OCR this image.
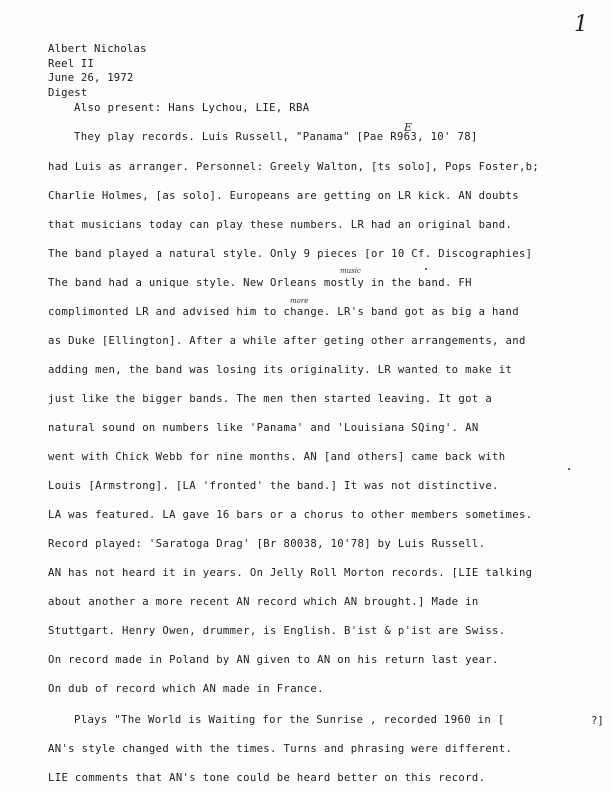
1
Albert Nicholas
Reel II
June 26, 1972
Digest
E
music
more
Also present: Hans Lychou, LIE, RBA
They play records. Luis Russell, "Panama" [Pae R963, 10' 78]
had Luis as arranger. Personnel: Greely Walton, [ts solo], Pops Foster,b;
Charlie Holmes, [as solo]. Europeans are getting on LR kick. AN doubts
that musicians today can play these numbers. LR had an original band.
The band played a natural style. Only 9 pieces [or 10 Cf. Discographies]
The band had a unique style. New Orleans mostly in the band. FH
complimonted LR and advised him to change. LR's band got as big a hand
as Duke [Ellington]. After a while after geting other arrangements, and
adding men, the band was losing its originality. LR wanted to make it
just like the bigger bands. The men then started leaving. It got a
natural sound on numbers like 'Panama' and 'Louisiana SQing'. AN
went with Chick Webb for nine months. AN [and others] came back with
Louis [Armstrong]. [LA 'fronted' the band.] It was not distinctive.
LA was featured. LA gave 16 bars or a chorus to other members sometimes.
Record played: 'Saratoga Drag' [Br 80038, 10'78] by Luis Russell.
AN has not heard it in years. On Jelly Roll Morton records. [LIE talking
about another a more recent AN record which AN brought.] Made in
Stuttgart. Henry Owen, drummer, is English. B'ist & p'ist are Swiss.
On record made in Poland by AN given to AN on his return last year.
On dub of record which AN made in France.
Plays "The World is Waiting for the Sunrise , recorded 1960 in [
AN's style changed with the times. Turns and phrasing were different.
LIE comments that AN's tone could be heard better on this record.
?]
